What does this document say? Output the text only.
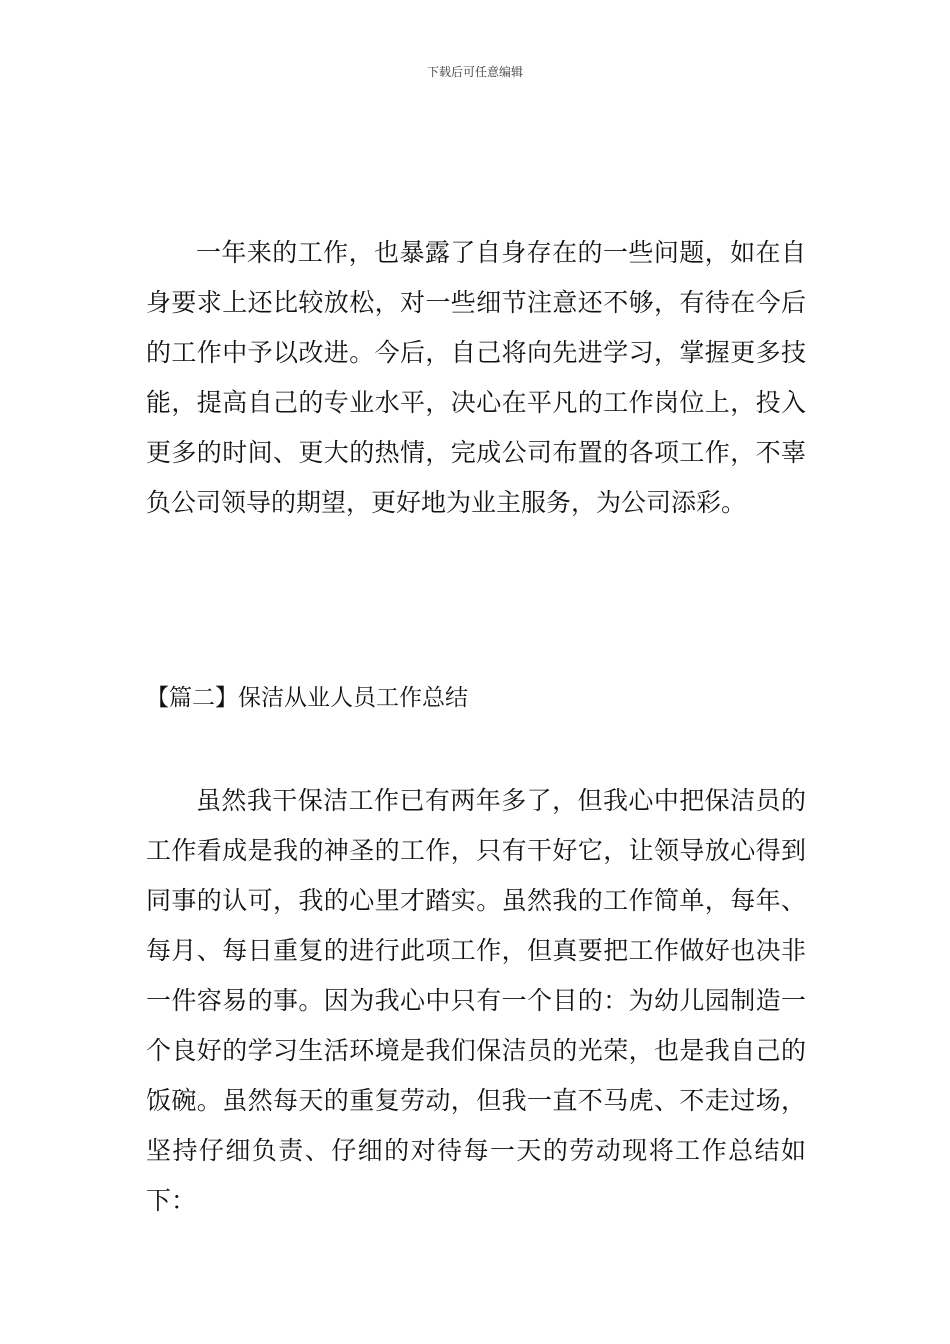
下载后可任意编辑

一年来的工作，也暴露了自身存在的一些问题，如在自身要求上还比较放松，对一些细节注意还不够，有待在今后的工作中予以改进。今后，自己将向先进学习，掌握更多技能，提高自己的专业水平，决心在平凡的工作岗位上，投入更多的时间、更大的热情，完成公司布置的各项工作，不辜负公司领导的期望，更好地为业主服务，为公司添彩。

【篇二】保洁从业人员工作总结

虽然我干保洁工作已有两年多了，但我心中把保洁员的工作看成是我的神圣的工作，只有干好它，让领导放心得到同事的认可，我的心里才踏实。虽然我的工作简单，每年、每月、每日重复的进行此项工作，但真要把工作做好也决非一件容易的事。因为我心中只有一个目的：为幼儿园制造一个良好的学习生活环境是我们保洁员的光荣，也是我自己的饭碗。虽然每天的重复劳动，但我一直不马虎、不走过场，坚持仔细负责、仔细的对待每一天的劳动现将工作总结如下：
